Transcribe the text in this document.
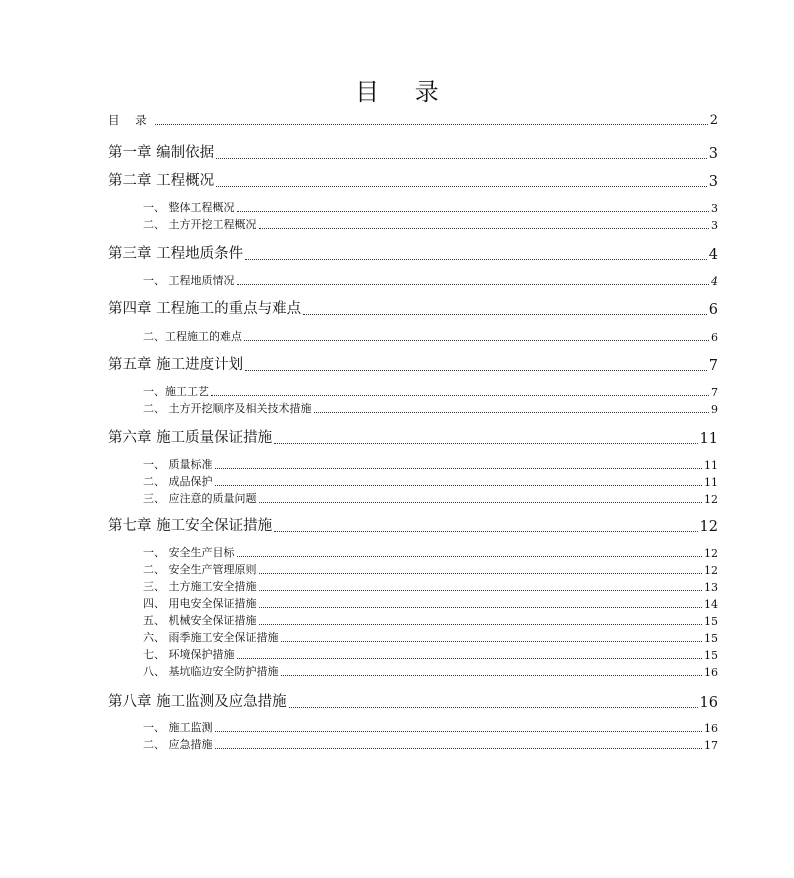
目 录
目 录	2
第一章 编制依据	3
第二章 工程概况	3
一、 整体工程概况	3
二、 土方开挖工程概况	3
第三章 工程地质条件	4
一、 工程地质情况	4
第四章 工程施工的重点与难点	6
二、工程施工的难点	6
第五章 施工进度计划	7
一、施工工艺	7
二、 土方开挖顺序及相关技术措施	9
第六章 施工质量保证措施	11
一、 质量标准	11
二、 成品保护	11
三、 应注意的质量问题	12
第七章 施工安全保证措施	12
一、 安全生产目标	12
二、 安全生产管理原则	12
三、 土方施工安全措施	13
四、 用电安全保证措施	14
五、 机械安全保证措施	15
六、 雨季施工安全保证措施	15
七、 环境保护措施	15
八、 基坑临边安全防护措施	16
第八章 施工监测及应急措施	16
一、 施工监测	16
二、 应急措施	17
